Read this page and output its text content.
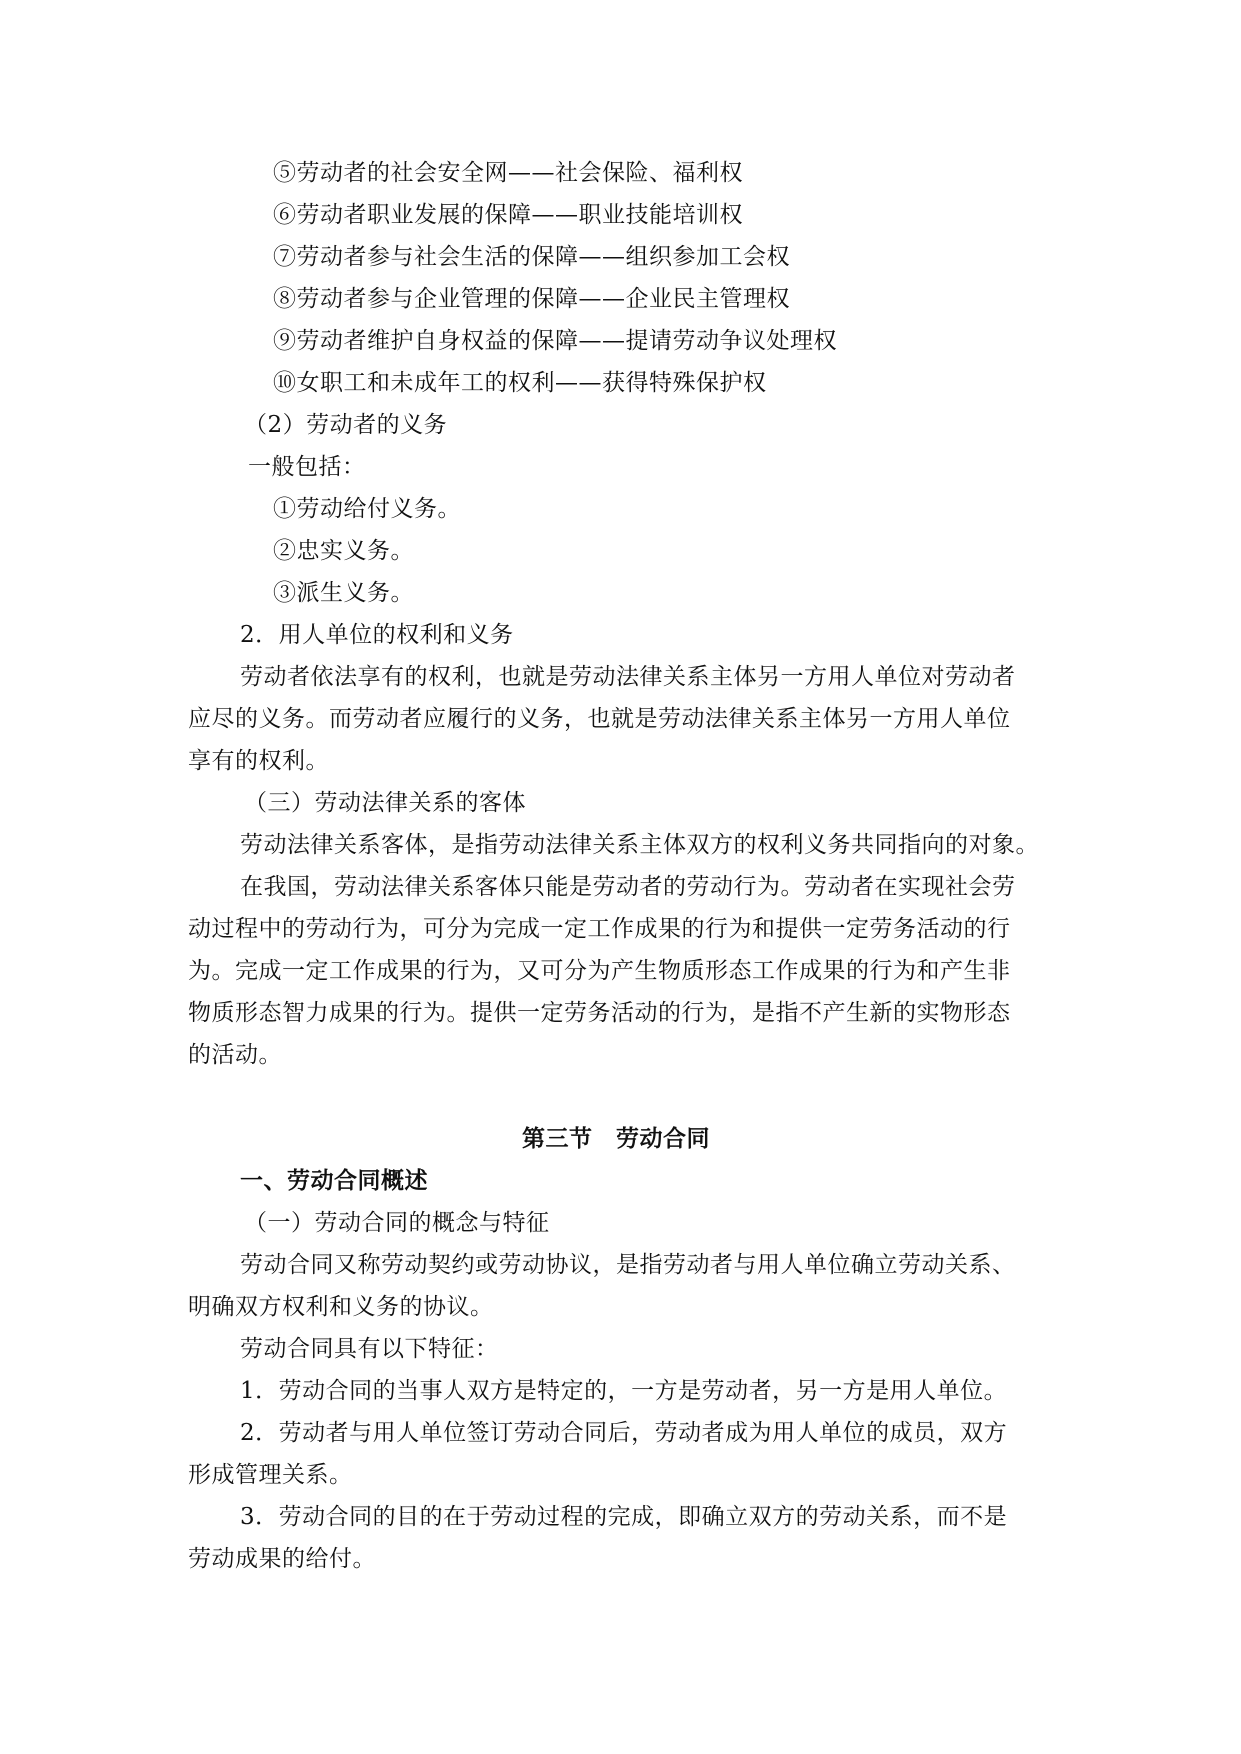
⑤劳动者的社会安全网——社会保险、福利权
⑥劳动者职业发展的保障——职业技能培训权
⑦劳动者参与社会生活的保障——组织参加工会权
⑧劳动者参与企业管理的保障——企业民主管理权
⑨劳动者维护自身权益的保障——提请劳动争议处理权
⑩女职工和未成年工的权利——获得特殊保护权
（2）劳动者的义务
一般包括：
①劳动给付义务。
②忠实义务。
③派生义务。
2．用人单位的权利和义务
劳动者依法享有的权利，也就是劳动法律关系主体另一方用人单位对劳动者
应尽的义务。而劳动者应履行的义务，也就是劳动法律关系主体另一方用人单位
享有的权利。
（三）劳动法律关系的客体
劳动法律关系客体，是指劳动法律关系主体双方的权利义务共同指向的对象。
在我国，劳动法律关系客体只能是劳动者的劳动行为。劳动者在实现社会劳
动过程中的劳动行为，可分为完成一定工作成果的行为和提供一定劳务活动的行
为。完成一定工作成果的行为，又可分为产生物质形态工作成果的行为和产生非
物质形态智力成果的行为。提供一定劳务活动的行为，是指不产生新的实物形态
的活动。
第三节　劳动合同
一、劳动合同概述
（一）劳动合同的概念与特征
劳动合同又称劳动契约或劳动协议，是指劳动者与用人单位确立劳动关系、
明确双方权利和义务的协议。
劳动合同具有以下特征：
1．劳动合同的当事人双方是特定的，一方是劳动者，另一方是用人单位。
2．劳动者与用人单位签订劳动合同后，劳动者成为用人单位的成员，双方
形成管理关系。
3．劳动合同的目的在于劳动过程的完成，即确立双方的劳动关系，而不是
劳动成果的给付。
